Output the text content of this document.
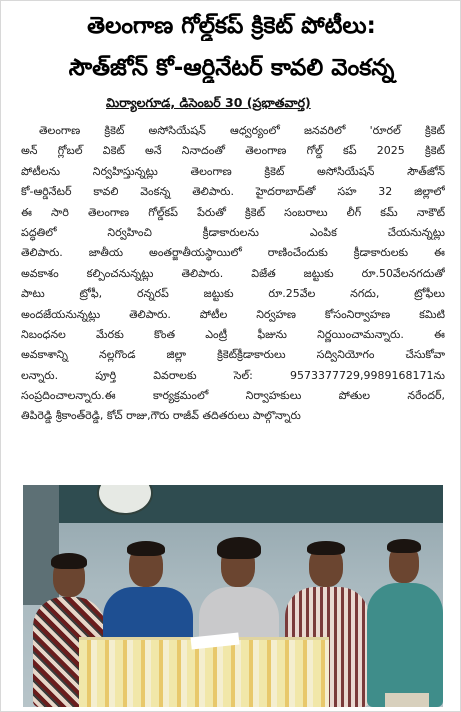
తెలంగాణ గోల్డ్‌కప్ క్రికెట్ పోటీలు:
సౌత్‌జోన్ కో-ఆర్డినేటర్ కావలి వెంకన్న
మిర్యాలగూడ, డిసెంబర్ 30 (ప్రభాతవార్త)
తెలంగాణ క్రికెట్ అసోసియేషన్ ఆధ్వర్యంలో జనవరిలో 'రూరల్ క్రికెట్
అన్ గ్లోబల్ వికెట్ అనే నినాదంతో తెలంగాణ గోల్డ్ కప్ 2025 క్రికెట్
పోటీలను నిర్వహిస్తున్నట్లు తెలంగాణ క్రికెట్ అసోసియేషన్ సౌత్‌జోన్
కో-ఆర్డినేటర్ కావలి వెంకన్న తెలిపారు. హైదరాబాద్‌తో సహ 32 జిల్లాలో
ఈ సారి తెలంగాణ గోల్డ్‌కప్ పేరుతో క్రికెట్ సంబరాలు లీగ్ కమ్ నాకౌట్
పద్ధతిలో నిర్వహించి క్రీడాకారులను ఎంపిక చేయనున్నట్లు
తెలిపారు. జాతీయ అంతర్జాతీయస్థాయిలో రాణించేందుకు క్రీడాకారులకు ఈ
అవకాశం కల్పించనున్నట్లు తెలిపారు. విజేత జట్టుకు రూ.50వేలనగదుతో
పాటు ట్రోఫీ, రన్నరప్ జట్టుకు రూ.25వేల నగదు, ట్రోఫీలు
అందజేయనున్నట్లు తెలిపారు. పోటీల నిర్వహణ కోసంనిర్వాహణ కమిటి
నిబంధనల మేరకు కొంత ఎంట్రీ ఫీజును నిర్ణయించామన్నారు. ఈ
అవకాశాన్ని నల్లగొండ జిల్లా క్రికెట్‌క్రీడాకారులు సద్వినియోగం చేసుకోవా
లన్నారు. పూర్తి వివరాలకు సెల్: 9573377729,9989168171ను
సంప్రదించాలన్నారు.ఈ కార్యక్రమంలో నిర్వాహకులు పోతుల నరేందర్,
తిపిరెడ్డి శ్రీకాంత్‌రెడ్డి, కోచ్ రాజు,గౌరు రాజీవ్ తదితరులు పాల్గొన్నారు
